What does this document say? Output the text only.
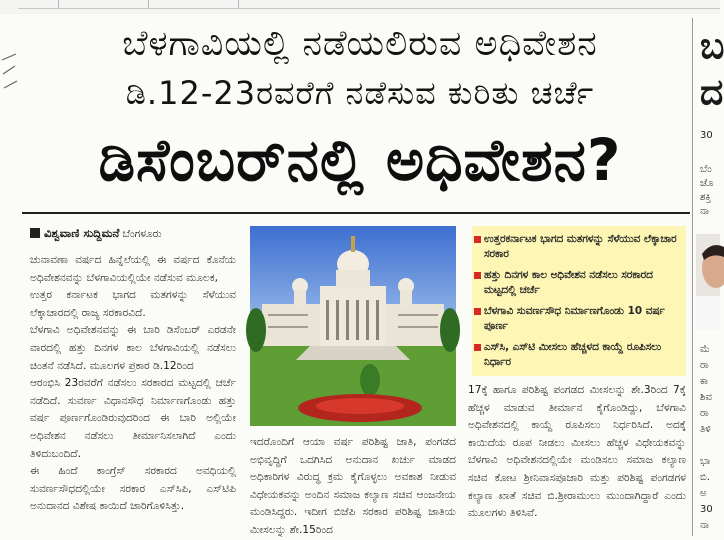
ಬೆಳಗಾವಿಯಲ್ಲಿ ನಡೆಯಲಿರುವ ಅಧಿವೇಶನ
ಡಿ.12-23ರವರೆಗೆ ನಡೆಸುವ ಕುರಿತು ಚರ್ಚೆ
ಡಿಸೆಂಬರ್‌ನಲ್ಲಿ ಅಧಿವೇಶನ?
ವಿಶ್ವವಾಣಿ ಸುದ್ದಿಮನೆ ಬೆಂಗಳೂರು

ಚುನಾವಣಾ ವರ್ಷದ ಹಿನ್ನೆಲೆಯಲ್ಲಿ ಈ ವರ್ಷದ ಕೊನೆಯ ಅಧಿವೇಶನವನ್ನು ಬೆಳಗಾವಿಯಲ್ಲಿಯೇ ನಡೆಸುವ ಮೂಲಕ,

ಉತ್ತರ ಕರ್ನಾಟಕ ಭಾಗದ ಮತಗಳನ್ನು ಸೆಳೆಯುವ ಲೆಕ್ಕಾಚಾರದಲ್ಲಿ ರಾಜ್ಯ ಸರಕಾರವಿದೆ.

ಬೆಳಗಾವಿ ಅಧಿವೇಶನವನ್ನು ಈ ಬಾರಿ ಡಿಸೆಂಬರ್ ಎರಡನೇ ವಾರದಲ್ಲಿ ಹತ್ತು ದಿನಗಳ ಕಾಲ ಬೆಳಗಾವಿಯಲ್ಲಿ ನಡೆಸಲು ಚಿಂತನೆ ನಡೆಸಿದೆ. ಮೂಲಗಳ ಪ್ರಕಾರ ಡಿ.12ರಿಂದ

ಆರಂಭಿಸಿ 23ರವರೆಗೆ ನಡೆಸಲು ಸರಕಾರದ ಮಟ್ಟದಲ್ಲಿ ಚರ್ಚೆ ನಡೆದಿದೆ. ಸುವರ್ಣ ವಿಧಾನಸೌಧ ನಿರ್ಮಾಣಗೊಂಡು ಹತ್ತು ವರ್ಷ ಪೂರ್ಣಗೊಂಡಿರುವುದರಿಂದ ಈ ಬಾರಿ ಅಲ್ಲಿಯೇ ಅಧಿವೇಶನ ನಡೆಸಲು ತೀರ್ಮಾನಿಸಲಾಗಿದೆ ಎಂದು ತಿಳಿದುಬಂದಿದೆ.

ಈ ಹಿಂದೆ ಕಾಂಗ್ರೆಸ್ ಸರಕಾರದ ಅವಧಿಯಲ್ಲಿ ಸುವರ್ಣಸೌಧದಲ್ಲಿಯೇ ಸರಕಾರ ಎಸ್‌ಸಿಪಿ, ಎಸ್‌ಟಿಪಿ ಅನುದಾನದ ವಿಶೇಷ ಕಾಯಿದೆ ಜಾರಿಗೊಳಿಸಿತ್ತು.

ಉತ್ತರಕರ್ನಾಟಕ ಭಾಗದ ಮತಗಳನ್ನು ಸೆಳೆಯುವ ಲೆಕ್ಕಾಚಾರ ಸರಕಾರ
ಹತ್ತು ದಿನಗಳ ಕಾಲ ಅಧಿವೇಶನ ನಡೆಸಲು ಸರಕಾರದ ಮಟ್ಟದಲ್ಲಿ ಚರ್ಚೆ
ಬೆಳಗಾವಿ ಸುವರ್ಣಸೌಧ ನಿರ್ಮಾಣಗೊಂಡು 10 ವರ್ಷ ಪೂರ್ಣ
ಎಸ್‌ಸಿ, ಎಸ್‌ಟಿ ಮೀಸಲು ಹೆಚ್ಚಳದ ಕಾಯ್ದೆ ರೂಪಿಸಲು ನಿರ್ಧಾರ

ಇದರೊಂದಿಗೆ ಆಯಾ ವರ್ಷ ಪರಿಶಿಷ್ಟ ಜಾತಿ, ಪಂಗಡದ ಅಭಿವೃದ್ಧಿಗೆ ಒದಗಿಸಿದ ಅನುದಾನ ಖರ್ಚು ಮಾಡದ ಅಧಿಕಾರಿಗಳ ವಿರುದ್ಧ ಕ್ರಮ ಕೈಗೊಳ್ಳಲು ಅವಕಾಶ ನೀಡುವ ವಿಧೇಯಕವನ್ನು ಅಂದಿನ ಸಮಾಜ ಕಲ್ಯಾಣ ಸಚಿವ ಆಂಜನೇಯ ಮಂಡಿಸಿದ್ದರು. ಇದೀಗ ಬಿಜೆಪಿ ಸರಕಾರ ಪರಿಶಿಷ್ಟ ಜಾತಿಯ ಮೀಸಲನ್ನು ಶೇ.15ರಿಂದ

17ಕ್ಕೆ ಹಾಗೂ ಪರಿಶಿಷ್ಟ ಪಂಗಡದ ಮೀಸಲನ್ನು ಶೇ.3ರಿಂದ 7ಕ್ಕೆ ಹೆಚ್ಚಳ ಮಾಡುವ ತೀರ್ಮಾನ ಕೈಗೊಂಡಿದ್ದು, ಬೆಳಗಾವಿ ಅಧಿವೇಶನದಲ್ಲಿ ಕಾಯ್ದೆ ರೂಪಿಸಲು ನಿರ್ಧರಿಸಿದೆ. ಅದಕ್ಕೆ ಕಾಯಿದೆಯ ರೂಪ ನೀಡಲು ಮೀಸಲು ಹೆಚ್ಚಳ ವಿಧೇಯಕವನ್ನು ಬೆಳಗಾವಿ ಅಧಿವೇಶನದಲ್ಲಿಯೇ ಮಂಡಿಸಲು ಸಮಾಜ ಕಲ್ಯಾಣ ಸಚಿವ ಕೋಟ ಶ್ರೀನಿವಾಸಪೂಜಾರಿ ಮತ್ತು ಪರಿಶಿಷ್ಟ ಪಂಗಡಗಳ ಕಲ್ಯಾಣ ಖಾತೆ ಸಚಿವ ಬಿ.ಶ್ರೀರಾಮುಲು ಮುಂದಾಗಿದ್ದಾರೆ ಎಂದು ಮೂಲಗಳು ತಿಳಿಸಿವೆ.

ಬ
ದ
30
ಬೆಂ
ಜೊ
ಶಕ್ತಿ
ನಾ
ಮೆ
ರಾ
ಕಾ
ಶಿವ
ರಾ
ತಿಳಿ
ಭಾ
ಬಿ.
ಅ
30
ನಾ
